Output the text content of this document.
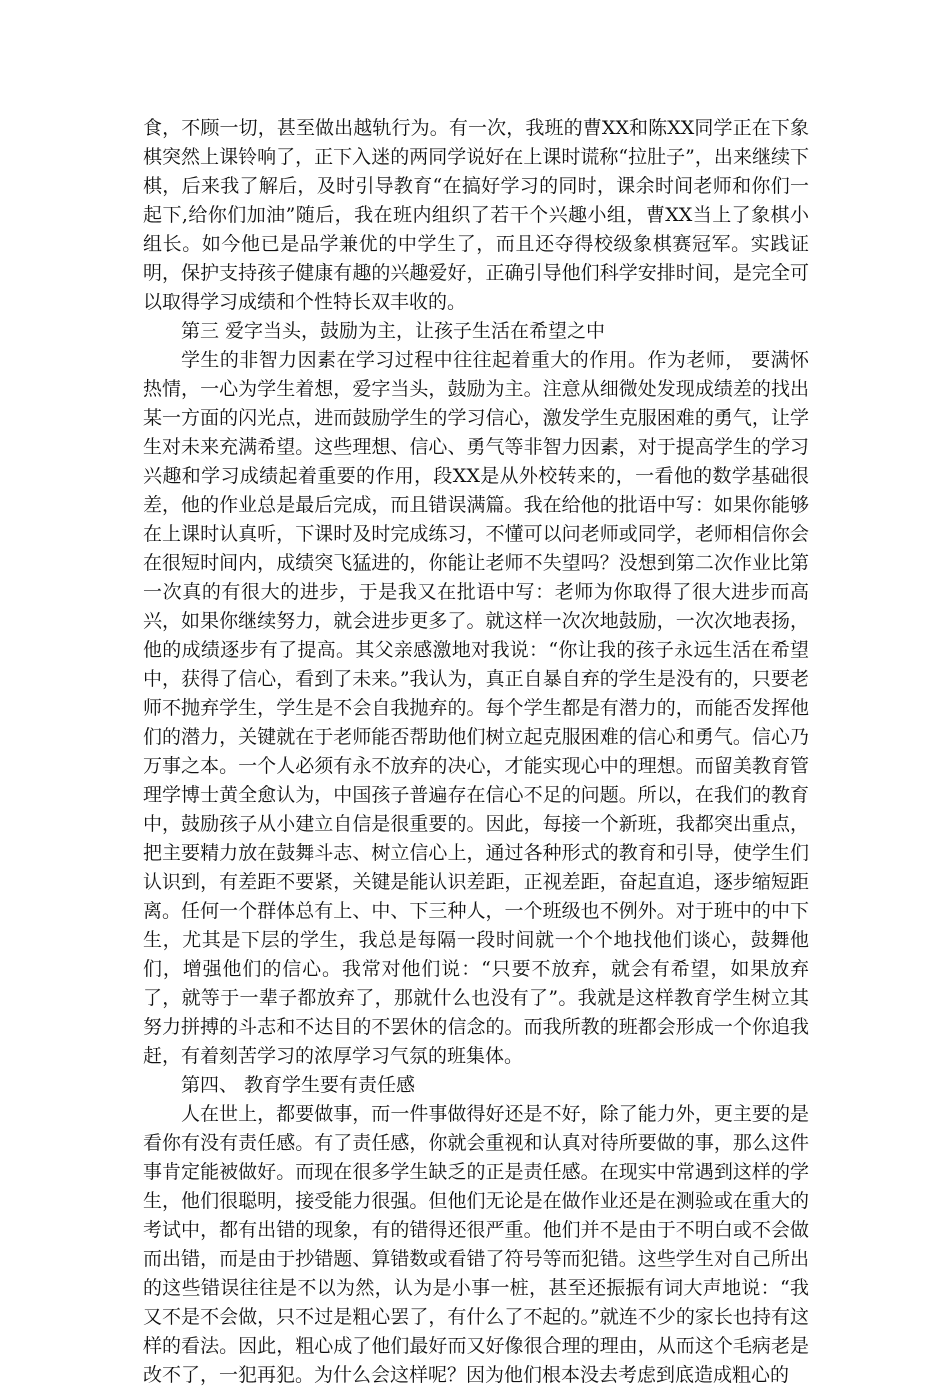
食，不顾一切，甚至做出越轨行为。有一次，我班的曹XX和陈XX同学正在下象棋突然上课铃响了，正下入迷的两同学说好在上课时谎称“拉肚子”，出来继续下棋，后来我了解后，及时引导教育“在搞好学习的同时，课余时间老师和你们一起下,给你们加油”随后，我在班内组织了若干个兴趣小组，曹XX当上了象棋小组长。如今他已是品学兼优的中学生了，而且还夺得校级象棋赛冠军。实践证明，保护支持孩子健康有趣的兴趣爱好，正确引导他们科学安排时间，是完全可以取得学习成绩和个性特长双丰收的。

第三 爱字当头，鼓励为主，让孩子生活在希望之中

学生的非智力因素在学习过程中往往起着重大的作用。作为老师， 要满怀热情，一心为学生着想，爱字当头，鼓励为主。注意从细微处发现成绩差的找出某一方面的闪光点，进而鼓励学生的学习信心，激发学生克服困难的勇气，让学生对未来充满希望。这些理想、信心、勇气等非智力因素，对于提高学生的学习兴趣和学习成绩起着重要的作用，段XX是从外校转来的，一看他的数学基础很差，他的作业总是最后完成，而且错误满篇。我在给他的批语中写：如果你能够在上课时认真听，下课时及时完成练习，不懂可以问老师或同学，老师相信你会在很短时间内，成绩突飞猛进的，你能让老师不失望吗？没想到第二次作业比第一次真的有很大的进步，于是我又在批语中写：老师为你取得了很大进步而高兴，如果你继续努力，就会进步更多了。就这样一次次地鼓励，一次次地表扬，他的成绩逐步有了提高。其父亲感激地对我说：“你让我的孩子永远生活在希望中，获得了信心，看到了未来。”我认为，真正自暴自弃的学生是没有的，只要老师不抛弃学生，学生是不会自我抛弃的。每个学生都是有潜力的，而能否发挥他们的潜力，关键就在于老师能否帮助他们树立起克服困难的信心和勇气。信心乃万事之本。一个人必须有永不放弃的决心，才能实现心中的理想。而留美教育管理学博士黄全愈认为，中国孩子普遍存在信心不足的问题。所以，在我们的教育中，鼓励孩子从小建立自信是很重要的。因此，每接一个新班，我都突出重点，把主要精力放在鼓舞斗志、树立信心上，通过各种形式的教育和引导，使学生们认识到，有差距不要紧，关键是能认识差距，正视差距，奋起直追，逐步缩短距离。任何一个群体总有上、中、下三种人，一个班级也不例外。对于班中的中下生，尤其是下层的学生，我总是每隔一段时间就一个个地找他们谈心，鼓舞他们，增强他们的信心。我常对他们说：“只要不放弃，就会有希望，如果放弃了，就等于一辈子都放弃了，那就什么也没有了”。我就是这样教育学生树立其努力拼搏的斗志和不达目的不罢休的信念的。而我所教的班都会形成一个你追我赶，有着刻苦学习的浓厚学习气氛的班集体。

第四、 教育学生要有责任感

人在世上，都要做事，而一件事做得好还是不好，除了能力外，更主要的是看你有没有责任感。有了责任感，你就会重视和认真对待所要做的事，那么这件事肯定能被做好。而现在很多学生缺乏的正是责任感。在现实中常遇到这样的学生，他们很聪明，接受能力很强。但他们无论是在做作业还是在测验或在重大的考试中，都有出错的现象，有的错得还很严重。他们并不是由于不明白或不会做而出错，而是由于抄错题、算错数或看错了符号等而犯错。这些学生对自己所出的这些错误往往是不以为然，认为是小事一桩，甚至还振振有词大声地说：“我又不是不会做，只不过是粗心罢了，有什么了不起的。”就连不少的家长也持有这样的看法。因此，粗心成了他们最好而又好像很合理的理由，从而这个毛病老是改不了，一犯再犯。为什么会这样呢？因为他们根本没去考虑到底造成粗心的
